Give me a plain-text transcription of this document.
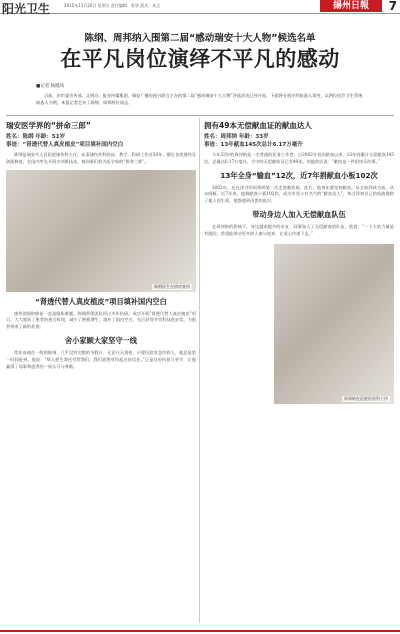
阳光卫生	2015年11月20日 星期五 责任编辑：张华 版式：朱正	揚州日報	7
陈纲、周邦纳入围第二届“感动瑞安十大人物”候选名单
在平凡岗位演绎不平凡的感动
■记者 杨晓凤
日前，由市委宣传部、文明办、报业传媒集团、瑞安广播电视台联合主办的第二届“感动瑞安十大人物”评选活动已经开始，下面将分别介绍候选人事迹，以两位医疗卫生系统候选人为例，本报记者走访了陈纲、周邦两位同志。
瑞安医学界的“拼命三郎”
姓名：陈纲 年龄：51岁
事迹：“肾透代替人真皮植皮”项目填补国内空白
陈纲是瑞安市人民医院烧伤科主任，从事烧伤外科临床、教学、科研工作近30年，擅长各类烧伤及创面修复，在国内率先开展多项新技术，被同事们称为医学界的“拼命三郎”。
陈纲医生在病房查房
“肾透代替人真皮植皮”项目填补国内空白
烧伤创面的修复一直是临床难题。陈纲带领团队经过多年钻研，成功开展“肾透代替人真皮植皮”项目，大大缩短了患者的愈合时间，减少了疤痕增生，填补了国内空白，先后获得多项科技进步奖，为患者带来了新的希望。
舍小家顾大家坚守一线
常年奋战在一线的陈纲，几乎没有完整的节假日。无论白天黑夜，只要医院有急诊病人，他总是第一时间赶到。他说：“病人把生命托付给我们，我们就要对得起这份信任。”正是这份执着与坚守，让他赢得了同事和患者的一致认可与尊敬。
拥有49本无偿献血证的献血达人
姓名：周邦纳 年龄：33岁
事迹：13年献血145次总计6.17万毫升
今年33岁的周邦纳是一名普通的医务工作者，自2002年首次献血以来，13年间累计无偿献血145次，总量达6.17万毫升，手中的无偿献血证已有49本，用他的话说：“献血是一件很快乐的事。”
13年全身“输血”12次，近7年捐献血小板102次
2002年，还在读书的周邦纳第一次走进献血屋。此后，他每年都坚持献血，从全血到成分血，从未间断。近7年来，他捐献血小板102次，成为市里小有名气的“献血达人”。每当得知自己的血液挽救了他人的生命，他都感到由衷的高兴。
带动身边人加入无偿献血队伍
在周邦纳的影响下，身边越来越多的亲友、同事加入了无偿献血的队伍。他说：“一个人的力量是有限的，希望能带动更多的人参与进来，让爱心传递下去。”
周邦纳在医院检验科工作
